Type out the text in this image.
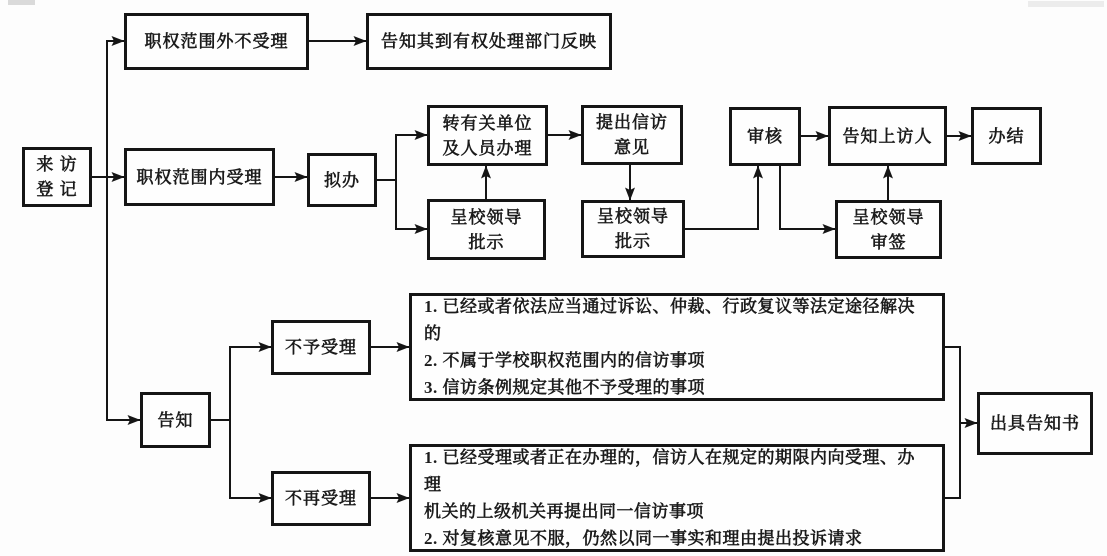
来 访
登 记
职权范围外不受理	告知其到有权处理部门反映
职权范围内受理	拟办
转有关单位
及人员办理
呈校领导
批示
提出信访
意见
呈校领导
批示
审核	告知上访人	办结
呈校领导
审签
告知
不予受理
不再受理
1. 已经或者依法应当通过诉讼、仲裁、行政复议等法定途径解决的
2. 不属于学校职权范围内的信访事项
3. 信访条例规定其他不予受理的事项
1. 已经受理或者正在办理的，信访人在规定的期限内向受理、办理
机关的上级机关再提出同一信访事项
2. 对复核意见不服，仍然以同一事实和理由提出投诉请求
出具告知书
